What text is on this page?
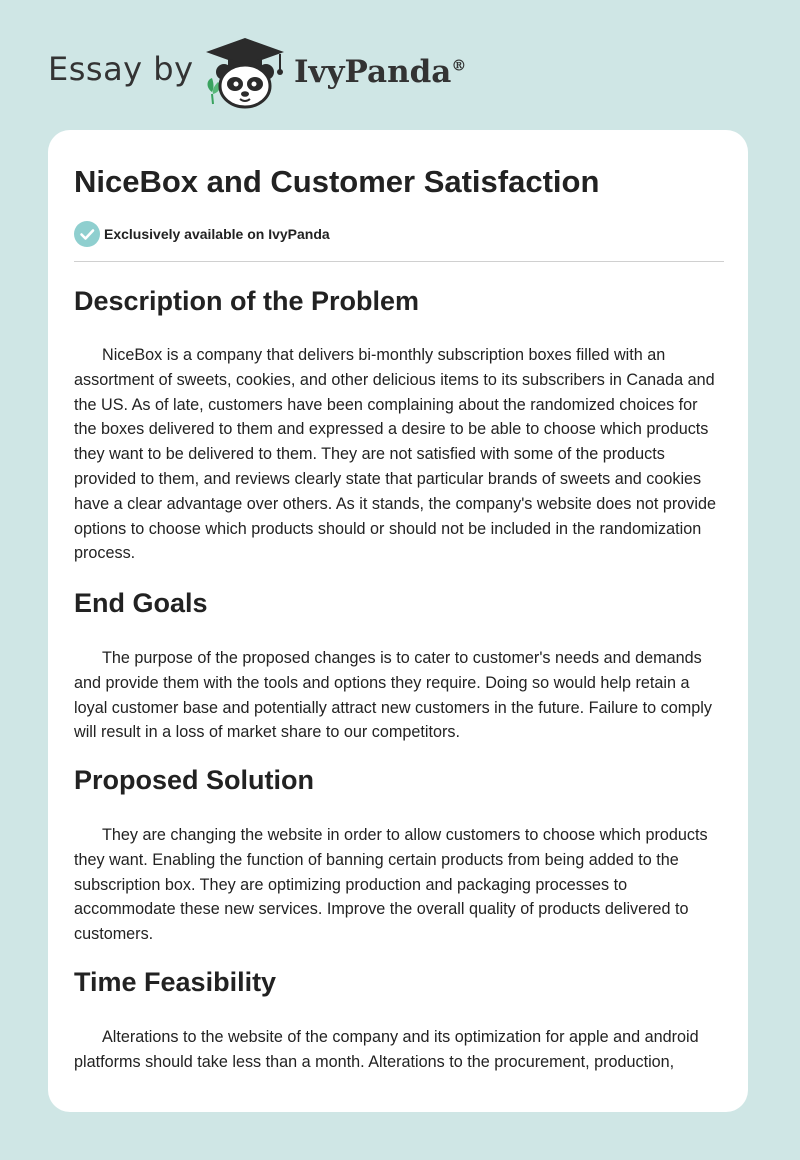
Essay by	IvyPanda®
NiceBox and Customer Satisfaction
Exclusively available on IvyPanda
Description of the Problem

NiceBox is a company that delivers bi-monthly subscription boxes filled with an assortment of sweets, cookies, and other delicious items to its subscribers in Canada and the US. As of late, customers have been complaining about the randomized choices for the boxes delivered to them and expressed a desire to be able to choose which products they want to be delivered to them. They are not satisfied with some of the products provided to them, and reviews clearly state that particular brands of sweets and cookies have a clear advantage over others. As it stands, the company's website does not provide options to choose which products should or should not be included in the randomization process.

End Goals

The purpose of the proposed changes is to cater to customer's needs and demands and provide them with the tools and options they require. Doing so would help retain a loyal customer base and potentially attract new customers in the future. Failure to comply will result in a loss of market share to our competitors.

Proposed Solution

They are changing the website in order to allow customers to choose which products they want. Enabling the function of banning certain products from being added to the subscription box. They are optimizing production and packaging processes to accommodate these new services. Improve the overall quality of products delivered to customers.

Time Feasibility

Alterations to the website of the company and its optimization for apple and android platforms should take less than a month. Alterations to the procurement, production,
